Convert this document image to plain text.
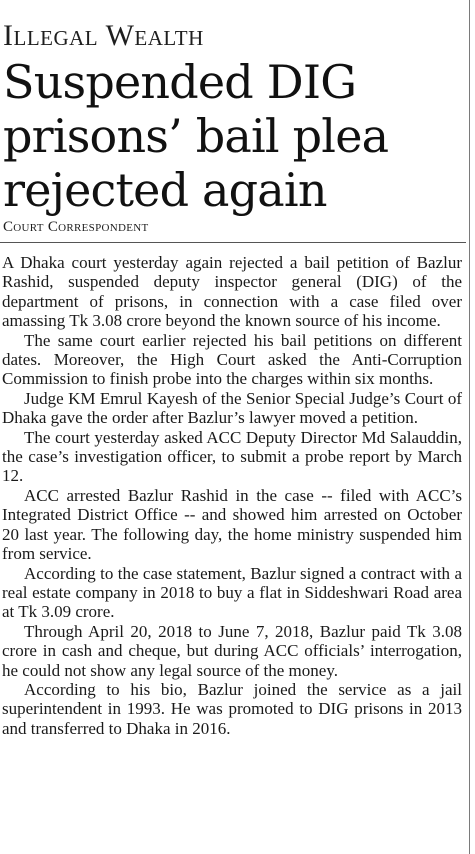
Illegal Wealth
Suspended DIG
prisons’ bail plea
rejected again
Court Correspondent

A Dhaka court yesterday again rejected a bail petition of Bazlur Rashid, suspended deputy inspector general (DIG) of the department of prisons, in connection with a case filed over amassing Tk 3.08 crore beyond the known source of his income.

The same court earlier rejected his bail petitions on different dates. Moreover, the High Court asked the Anti-Corruption Commission to finish probe into the charges within six months.

Judge KM Emrul Kayesh of the Senior Special Judge’s Court of Dhaka gave the order after Bazlur’s lawyer moved a petition.

The court yesterday asked ACC Deputy Director Md Salauddin, the case’s investigation officer, to submit a probe report by March 12.

ACC arrested Bazlur Rashid in the case -- filed with ACC’s Integrated District Office -- and showed him arrested on October 20 last year. The following day, the home ministry suspended him from service.

According to the case statement, Bazlur signed a contract with a real estate company in 2018 to buy a flat in Siddeshwari Road area at Tk 3.09 crore.

Through April 20, 2018 to June 7, 2018, Bazlur paid Tk 3.08 crore in cash and cheque, but during ACC officials’ interrogation, he could not show any legal source of the money.

According to his bio, Bazlur joined the service as a jail superintendent in 1993. He was promoted to DIG prisons in 2013 and transferred to Dhaka in 2016.
